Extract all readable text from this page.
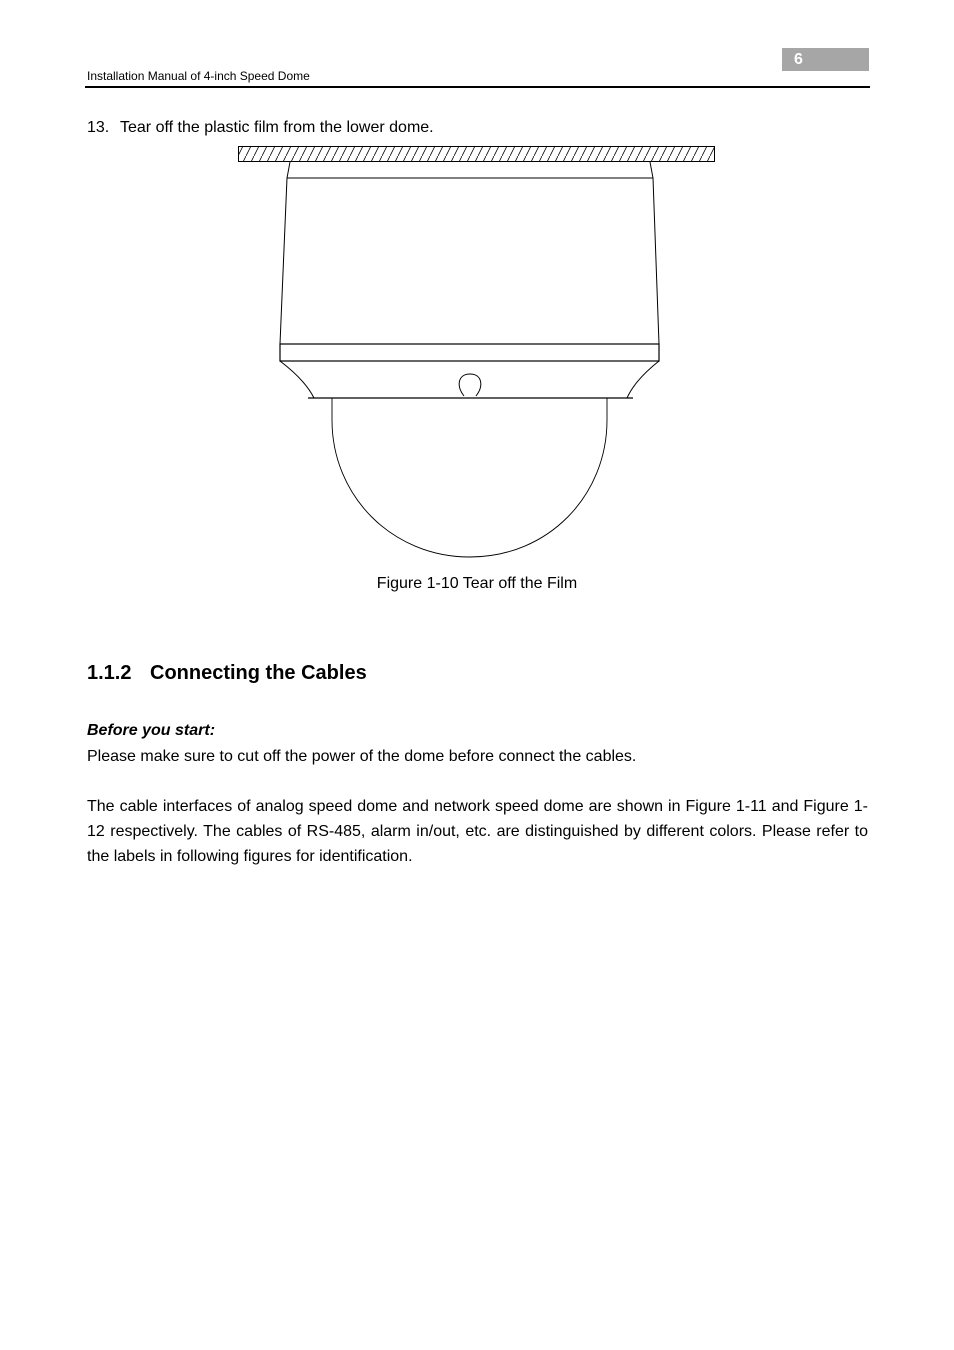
6
Installation Manual of 4-inch Speed Dome
13. Tear off the plastic film from the lower dome.
Figure 1-10 Tear off the Film
1.1.2 Connecting the Cables
Before you start:
Please make sure to cut off the power of the dome before connect the cables.
The cable interfaces of analog speed dome and network speed dome are shown in Figure 1-11 and Figure 1-12 respectively. The cables of RS-485, alarm in/out, etc. are distinguished by different colors. Please refer to the labels in following figures for identification.
